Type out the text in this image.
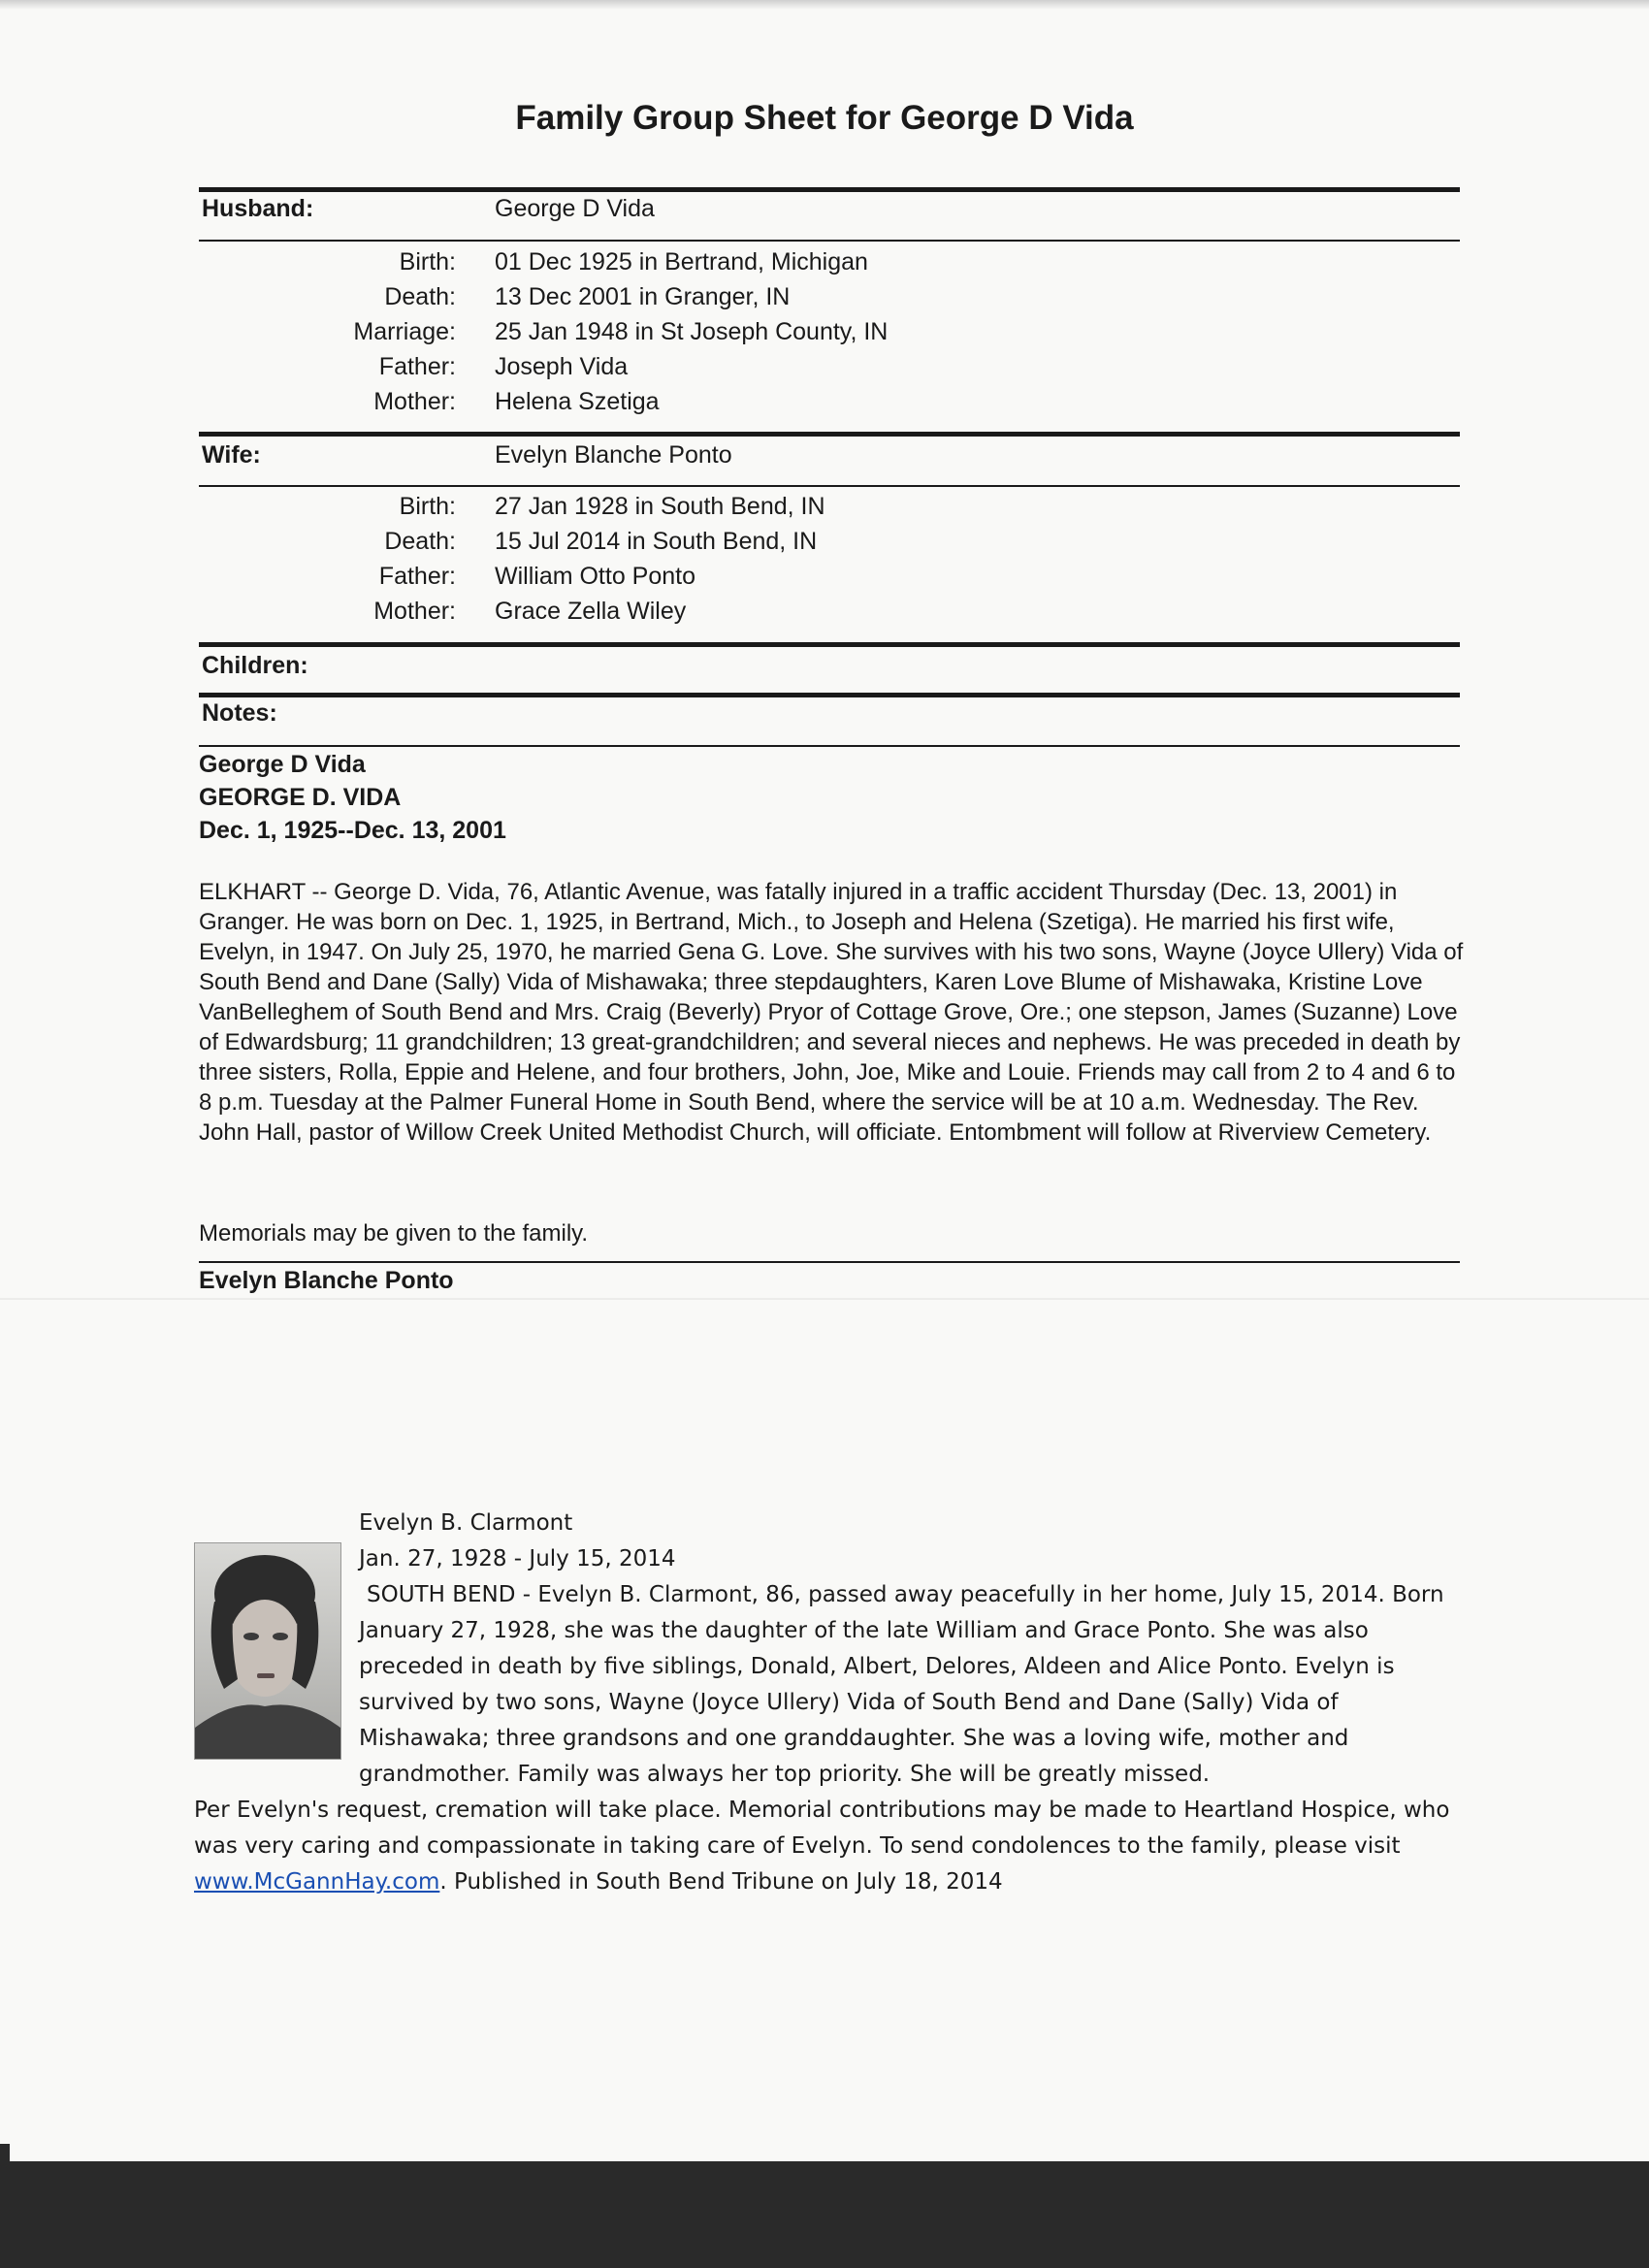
Family Group Sheet for George D Vida
Husband:	George D Vida
Birth: 01 Dec 1925 in Bertrand, Michigan
Death: 13 Dec 2001 in Granger, IN
Marriage: 25 Jan 1948 in St Joseph County, IN
Father: Joseph Vida
Mother: Helena Szetiga
Wife:	Evelyn Blanche Ponto
Birth: 27 Jan 1928 in South Bend, IN
Death: 15 Jul 2014 in South Bend, IN
Father: William Otto Ponto
Mother: Grace Zella Wiley
Children:
Notes:
George D Vida
GEORGE D. VIDA
Dec. 1, 1925--Dec. 13, 2001
ELKHART -- George D. Vida, 76, Atlantic Avenue, was fatally injured in a traffic accident Thursday (Dec. 13, 2001) in Granger. He was born on Dec. 1, 1925, in Bertrand, Mich., to Joseph and Helena (Szetiga). He married his first wife, Evelyn, in 1947. On July 25, 1970, he married Gena G. Love. She survives with his two sons, Wayne (Joyce Ullery) Vida of South Bend and Dane (Sally) Vida of Mishawaka; three stepdaughters, Karen Love Blume of Mishawaka, Kristine Love VanBelleghem of South Bend and Mrs. Craig (Beverly) Pryor of Cottage Grove, Ore.; one stepson, James (Suzanne) Love of Edwardsburg; 11 grandchildren; 13 great-grandchildren; and several nieces and nephews. He was preceded in death by three sisters, Rolla, Eppie and Helene, and four brothers, John, Joe, Mike and Louie. Friends may call from 2 to 4 and 6 to 8 p.m. Tuesday at the Palmer Funeral Home in South Bend, where the service will be at 10 a.m. Wednesday. The Rev. John Hall, pastor of Willow Creek United Methodist Church, will officiate. Entombment will follow at Riverview Cemetery.
Memorials may be given to the family.
Evelyn Blanche Ponto
Evelyn B. Clarmont
Jan. 27, 1928 - July 15, 2014
SOUTH BEND - Evelyn B. Clarmont, 86, passed away peacefully in her home, July 15, 2014. Born January 27, 1928, she was the daughter of the late William and Grace Ponto. She was also preceded in death by five siblings, Donald, Albert, Delores, Aldeen and Alice Ponto. Evelyn is survived by two sons, Wayne (Joyce Ullery) Vida of South Bend and Dane (Sally) Vida of Mishawaka; three grandsons and one granddaughter. She was a loving wife, mother and grandmother. Family was always her top priority. She will be greatly missed.
Per Evelyn's request, cremation will take place. Memorial contributions may be made to Heartland Hospice, who was very caring and compassionate in taking care of Evelyn. To send condolences to the family, please visit www.McGannHay.com. Published in South Bend Tribune on July 18, 2014
